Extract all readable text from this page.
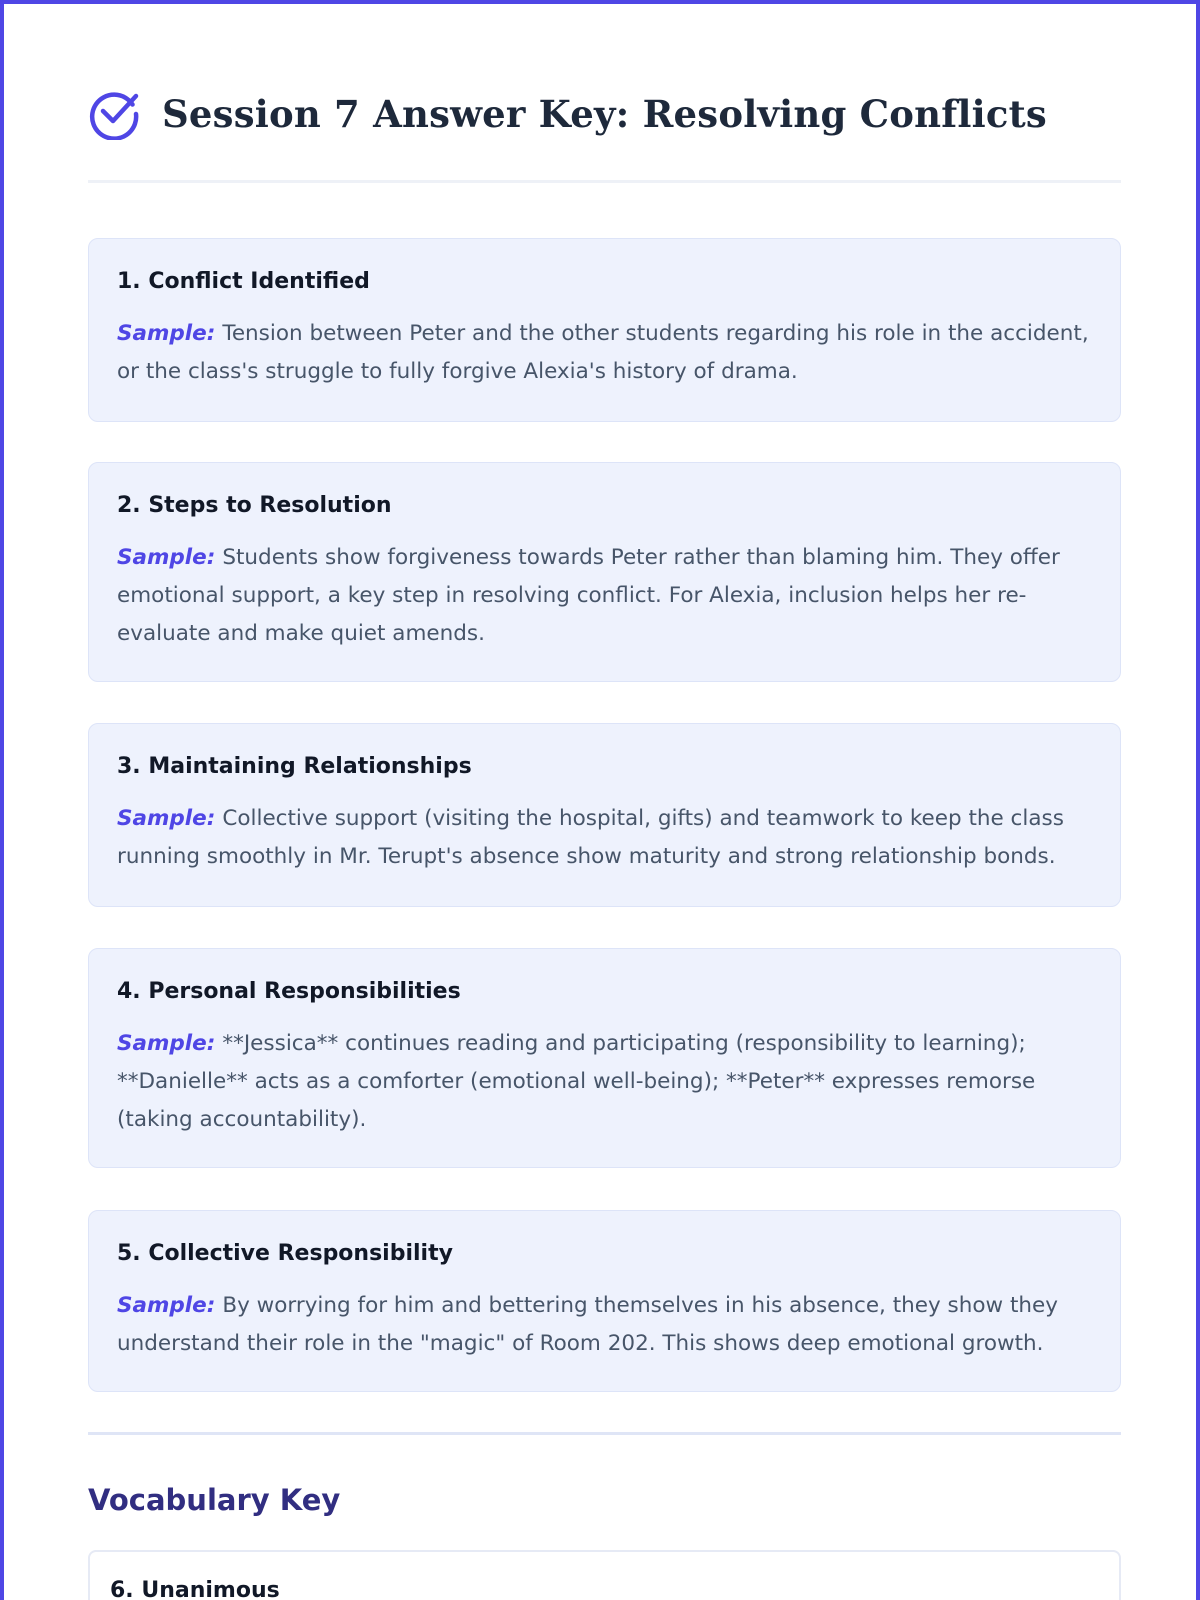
Session 7 Answer Key: Resolving Conflicts
1. Conflict Identified

Sample: Tension between Peter and the other students regarding his role in the accident, or the class's struggle to fully forgive Alexia's history of drama.

2. Steps to Resolution

Sample: Students show forgiveness towards Peter rather than blaming him. They offer emotional support, a key step in resolving conflict. For Alexia, inclusion helps her re-evaluate and make quiet amends.

3. Maintaining Relationships

Sample: Collective support (visiting the hospital, gifts) and teamwork to keep the class running smoothly in Mr. Terupt's absence show maturity and strong relationship bonds.

4. Personal Responsibilities

Sample: **Jessica** continues reading and participating (responsibility to learning); **Danielle** acts as a comforter (emotional well-being); **Peter** expresses remorse (taking accountability).

5. Collective Responsibility

Sample: By worrying for him and bettering themselves in his absence, they show they understand their role in the "magic" of Room 202. This shows deep emotional growth.

Vocabulary Key
6. Unanimous
